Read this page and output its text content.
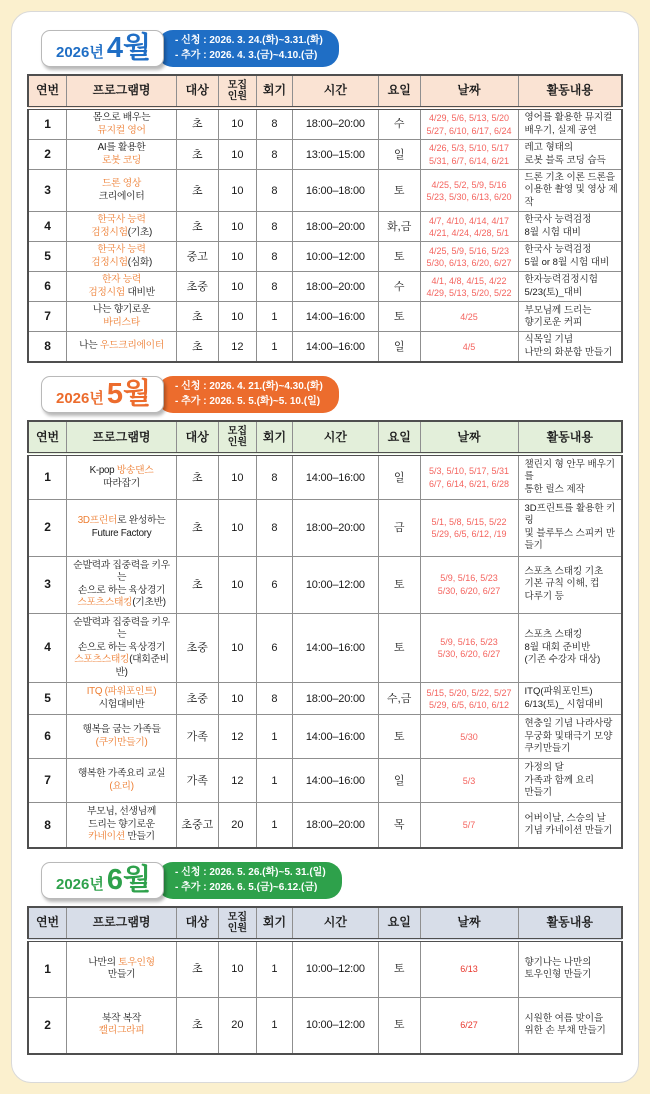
2026년 4월 - 신청 : 2026. 3. 24.(화)~3.31.(화)
- 추가 : 2026. 4. 3.(금)~4.10.(금)
연번	프로그램명	대상	모집
인원	회기	시간	요일	날짜	활동내용
1	몸으로 배우는
뮤지컬 영어	초	10	8	18:00–20:00	수	4/29, 5/6, 5/13, 5/20
5/27, 6/10, 6/17, 6/24	영어를 활용한 뮤지컬
배우기, 실제 공연
2	AI를 활용한
로봇 코딩	초	10	8	13:00–15:00	일	4/26, 5/3, 5/10, 5/17
5/31, 6/7, 6/14, 6/21	레고 형태의
로봇 블록 코딩 습득
3	드론 영상
크리에이터	초	10	8	16:00–18:00	토	4/25, 5/2, 5/9, 5/16
5/23, 5/30, 6/13, 6/20	드론 기초 이론 드론을
이용한 촬영 및 영상 제작
4	한국사 능력
검정시험(기초)	초	10	8	18:00–20:00	화,금	4/7, 4/10, 4/14, 4/17
4/21, 4/24, 4/28, 5/1	한국사 능력검정
8월 시험 대비
5	한국사 능력
검정시험(심화)	중고	10	8	10:00–12:00	토	4/25, 5/9, 5/16, 5/23
5/30, 6/13, 6/20, 6/27	한국사 능력검정
5월 or 8월 시험 대비
6	한자 능력
검정시험 대비반	초중	10	8	18:00–20:00	수	4/1, 4/8, 4/15, 4/22
4/29, 5/13, 5/20, 5/22	한자능력검정시험
5/23(토)_대비
7	나는 향기로운
바리스타	초	10	1	14:00–16:00	토	4/25	부모님께 드리는
향기로운 커피
8	나는 우드크리에이터	초	12	1	14:00–16:00	일	4/5	식목일 기념
나만의 화분함 만들기
2026년 5월 - 신청 : 2026. 4. 21.(화)~4.30.(화)
- 추가 : 2026. 5. 5.(화)~5. 10.(일)
연번	프로그램명	대상	모집
인원	회기	시간	요일	날짜	활동내용
1	K-pop 방송댄스
따라잡기	초	10	8	14:00–16:00	일	5/3, 5/10, 5/17, 5/31
6/7, 6/14, 6/21, 6/28	챌린지 형 안무 배우기를
통한 릴스 제작
2	3D프린터로 완성하는
Future Factory	초	10	8	18:00–20:00	금	5/1, 5/8, 5/15, 5/22
5/29, 6/5, 6/12, /19	3D프린트를 활용한 키링
및 블루투스 스피커 만들기
3	순발력과 집중력을 키우는
손으로 하는 육상경기
스포츠스태킹(기초반)	초	10	6	10:00–12:00	토	5/9, 5/16, 5/23
5/30, 6/20, 6/27	스포츠 스태킹 기초
기본 규칙 이해, 컵
다루기 등
4	순발력과 집중력을 키우는
손으로 하는 육상경기
스포츠스태킹(대회준비반)	초중	10	6	14:00–16:00	토	5/9, 5/16, 5/23
5/30, 6/20, 6/27	스포츠 스태킹
8월 대회 준비반
(기존 수강자 대상)
5	ITQ (파워포인트)
시험대비반	초중	10	8	18:00–20:00	수,금	5/15, 5/20, 5/22, 5/27
5/29, 6/5, 6/10, 6/12	ITQ(파워포인트)
6/13(토)_ 시험대비
6	행복을 굽는 가족들
(쿠키만들기)	가족	12	1	14:00–16:00	토	5/30	현충일 기념 나라사랑
무궁화 및태극기 모양
쿠키만들기
7	행복한 가족요리 교실
(요리)	가족	12	1	14:00–16:00	일	5/3	가정의 달
가족과 함께 요리
만들기
8	부모님, 선생님께
드리는 향기로운
카네이션 만들기	초중고	20	1	18:00–20:00	목	5/7	어버이날, 스승의 날
기념 카네이션 만들기
2026년 6월 - 신청 : 2026. 5. 26.(화)~5. 31.(일)
- 추가 : 2026. 6. 5.(금)~6.12.(금)
연번	프로그램명	대상	모집
인원	회기	시간	요일	날짜	활동내용
1	나만의 토우인형
만들기	초	10	1	10:00–12:00	토	6/13	향기나는 나만의
토우인형 만들기
2	북작 복작
캘리그라피	초	20	1	10:00–12:00	토	6/27	시원한 여름 맞이을
위한 손 부채 만들기
